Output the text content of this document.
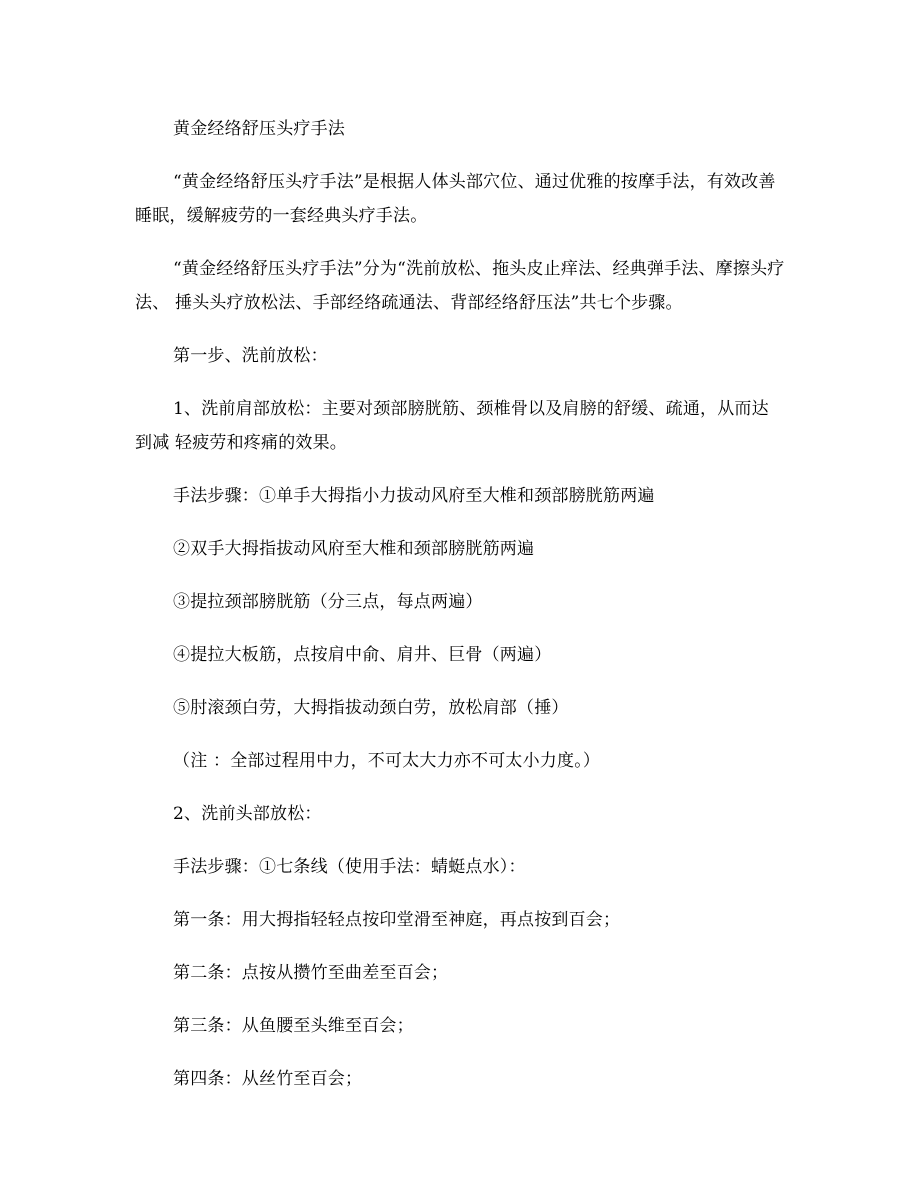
黄金经络舒压头疗手法

“黄金经络舒压头疗手法”是根据人体头部穴位、通过优雅的按摩手法，有效改善睡眠，缓解疲劳的一套经典头疗手法。

“黄金经络舒压头疗手法”分为“洗前放松、拖头皮止痒法、经典弹手法、摩擦头疗法、 捶头头疗放松法、手部经络疏通法、背部经络舒压法”共七个步骤。

第一步、洗前放松：

1、洗前肩部放松：主要对颈部膀胱筋、颈椎骨以及肩膀的舒缓、疏通，从而达到减 轻疲劳和疼痛的效果。

手法步骤：①单手大拇指小力拔动风府至大椎和颈部膀胱筋两遍

②双手大拇指拔动风府至大椎和颈部膀胱筋两遍

③提拉颈部膀胱筋（分三点，每点两遍）

④提拉大板筋，点按肩中俞、肩井、巨骨（两遍）

⑤肘滚颈白劳，大拇指拔动颈白劳，放松肩部（捶）

（注 ：全部过程用中力，不可太大力亦不可太小力度。）

2、洗前头部放松：

手法步骤：①七条线（使用手法：蜻蜓点水）：

第一条：用大拇指轻轻点按印堂滑至神庭，再点按到百会；

第二条：点按从攒竹至曲差至百会；

第三条：从鱼腰至头维至百会；

第四条：从丝竹至百会；
